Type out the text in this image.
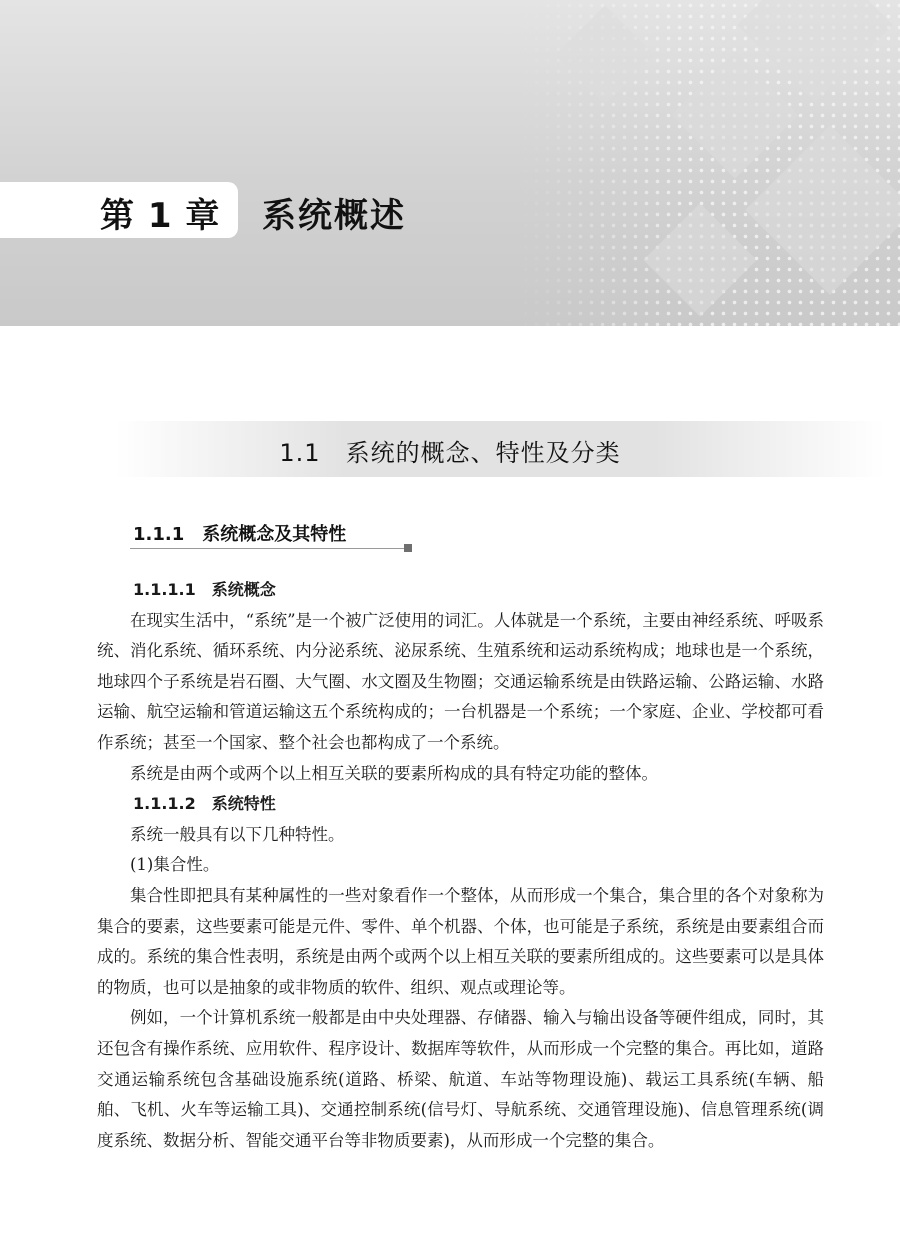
第 1 章 系统概述
1.1　系统的概念、特性及分类
1.1.1　系统概念及其特性
1.1.1.1　系统概念

在现实生活中，“系统”是一个被广泛使用的词汇。人体就是一个系统，主要由神经系统、呼吸系统、消化系统、循环系统、内分泌系统、泌尿系统、生殖系统和运动系统构成；地球也是一个系统，地球四个子系统是岩石圈、大气圈、水文圈及生物圈；交通运输系统是由铁路运输、公路运输、水路运输、航空运输和管道运输这五个系统构成的；一台机器是一个系统；一个家庭、企业、学校都可看作系统；甚至一个国家、整个社会也都构成了一个系统。

系统是由两个或两个以上相互关联的要素所构成的具有特定功能的整体。

1.1.1.2　系统特性

系统一般具有以下几种特性。

(1)集合性。

集合性即把具有某种属性的一些对象看作一个整体，从而形成一个集合，集合里的各个对象称为集合的要素，这些要素可能是元件、零件、单个机器、个体，也可能是子系统，系统是由要素组合而成的。系统的集合性表明，系统是由两个或两个以上相互关联的要素所组成的。这些要素可以是具体的物质，也可以是抽象的或非物质的软件、组织、观点或理论等。

例如，一个计算机系统一般都是由中央处理器、存储器、输入与输出设备等硬件组成，同时，其还包含有操作系统、应用软件、程序设计、数据库等软件，从而形成一个完整的集合。再比如，道路交通运输系统包含基础设施系统(道路、桥梁、航道、车站等物理设施)、载运工具系统(车辆、船舶、飞机、火车等运输工具)、交通控制系统(信号灯、导航系统、交通管理设施)、信息管理系统(调度系统、数据分析、智能交通平台等非物质要素)，从而形成一个完整的集合。
